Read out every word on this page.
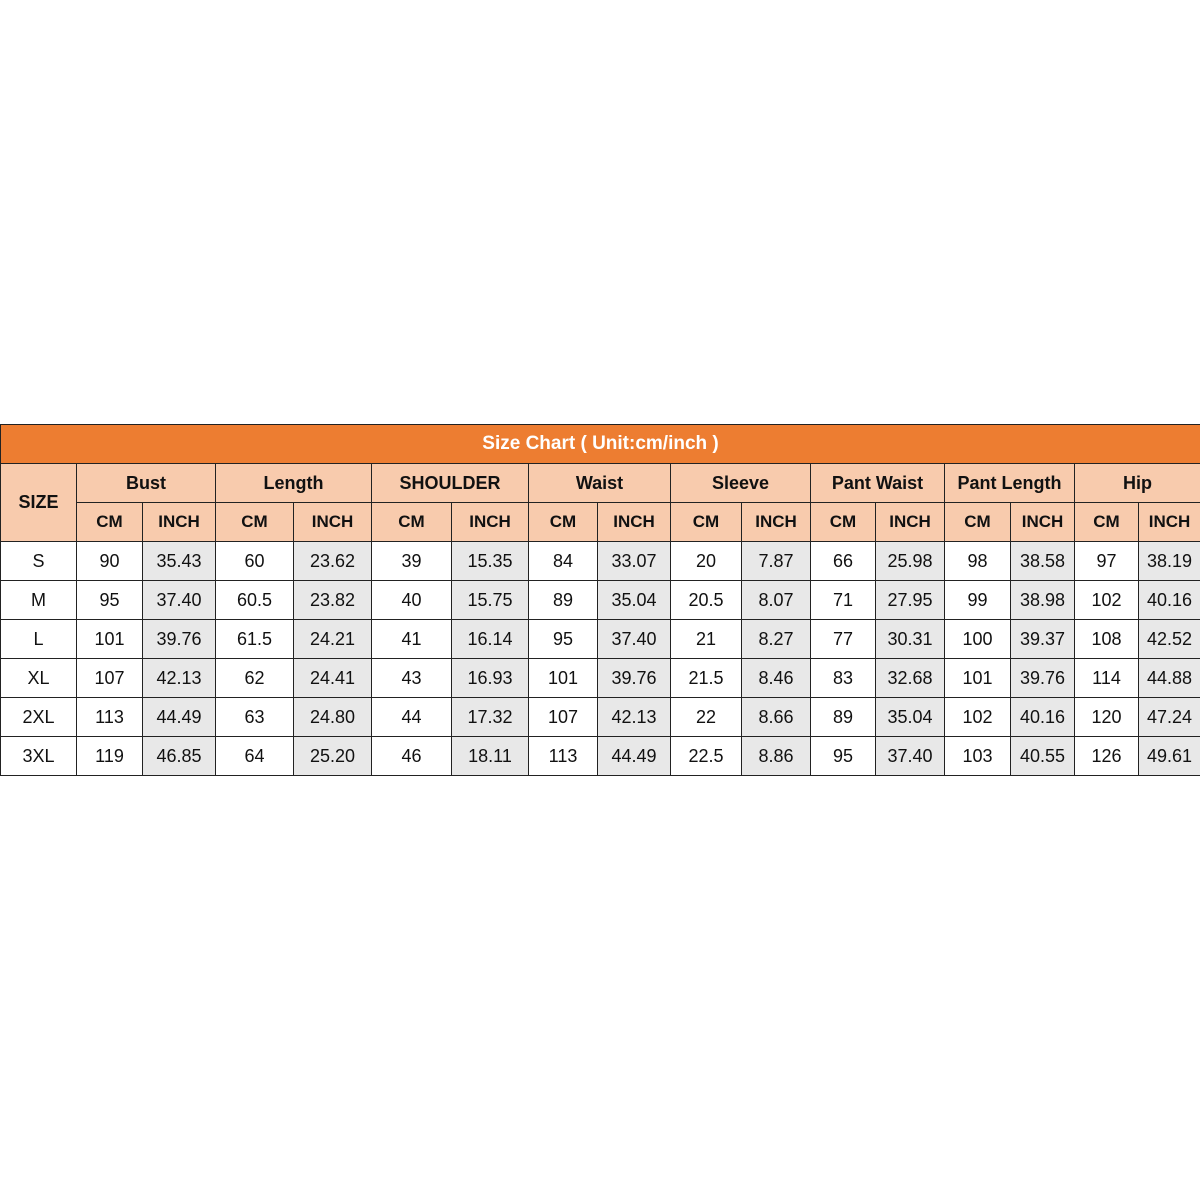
Size Chart ( Unit:cm/inch )																
SIZE	Bust		Length		SHOULDER		Waist		Sleeve		Pant Waist		Pant Length		Hip	
	CM	INCH	CM	INCH	CM	INCH	CM	INCH	CM	INCH	CM	INCH	CM	INCH	CM	INCH
S	90	35.43	60	23.62	39	15.35	84	33.07	20	7.87	66	25.98	98	38.58	97	38.19
M	95	37.40	60.5	23.82	40	15.75	89	35.04	20.5	8.07	71	27.95	99	38.98	102	40.16
L	101	39.76	61.5	24.21	41	16.14	95	37.40	21	8.27	77	30.31	100	39.37	108	42.52
XL	107	42.13	62	24.41	43	16.93	101	39.76	21.5	8.46	83	32.68	101	39.76	114	44.88
2XL	113	44.49	63	24.80	44	17.32	107	42.13	22	8.66	89	35.04	102	40.16	120	47.24
3XL	119	46.85	64	25.20	46	18.11	113	44.49	22.5	8.86	95	37.40	103	40.55	126	49.61
